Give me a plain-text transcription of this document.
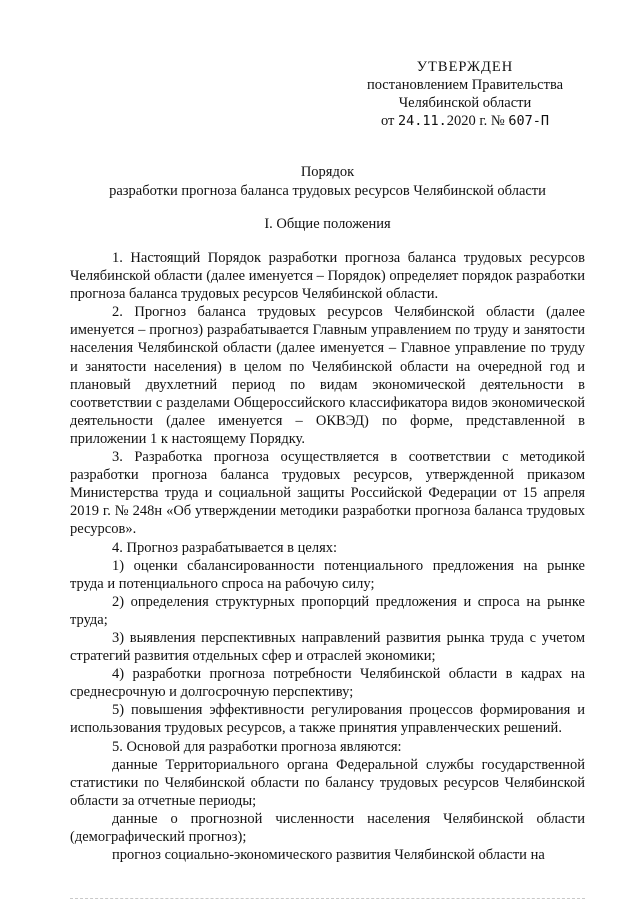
УТВЕРЖДЕН
постановлением Правительства
Челябинской области
от 24.11.2020 г. № 607-П
Порядок
разработки прогноза баланса трудовых ресурсов Челябинской области
I. Общие положения

1. Настоящий Порядок разработки прогноза баланса трудовых ресурсов Челябинской области (далее именуется – Порядок) определяет порядок разработки прогноза баланса трудовых ресурсов Челябинской области.

2. Прогноз баланса трудовых ресурсов Челябинской области (далее именуется – прогноз) разрабатывается Главным управлением по труду и занятости населения Челябинской области (далее именуется – Главное управление по труду и занятости населения) в целом по Челябинской области на очередной год и плановый двухлетний период по видам экономической деятельности в соответствии с разделами Общероссийского классификатора видов экономической деятельности (далее именуется – ОКВЭД) по форме, представленной в приложении 1 к настоящему Порядку.

3. Разработка прогноза осуществляется в соответствии с методикой разработки прогноза баланса трудовых ресурсов, утвержденной приказом Министерства труда и социальной защиты Российской Федерации от 15 апреля 2019 г. № 248н «Об утверждении методики разработки прогноза баланса трудовых ресурсов».

4. Прогноз разрабатывается в целях:

1) оценки сбалансированности потенциального предложения на рынке труда и потенциального спроса на рабочую силу;

2) определения структурных пропорций предложения и спроса на рынке труда;

3) выявления перспективных направлений развития рынка труда с учетом стратегий развития отдельных сфер и отраслей экономики;

4) разработки прогноза потребности Челябинской области в кадрах на среднесрочную и долгосрочную перспективу;

5) повышения эффективности регулирования процессов формирования и использования трудовых ресурсов, а также принятия управленческих решений.

5. Основой для разработки прогноза являются:

данные Территориального органа Федеральной службы государственной статистики по Челябинской области по балансу трудовых ресурсов Челябинской области за отчетные периоды;

данные о прогнозной численности населения Челябинской области (демографический прогноз);

прогноз социально-экономического развития Челябинской области на
